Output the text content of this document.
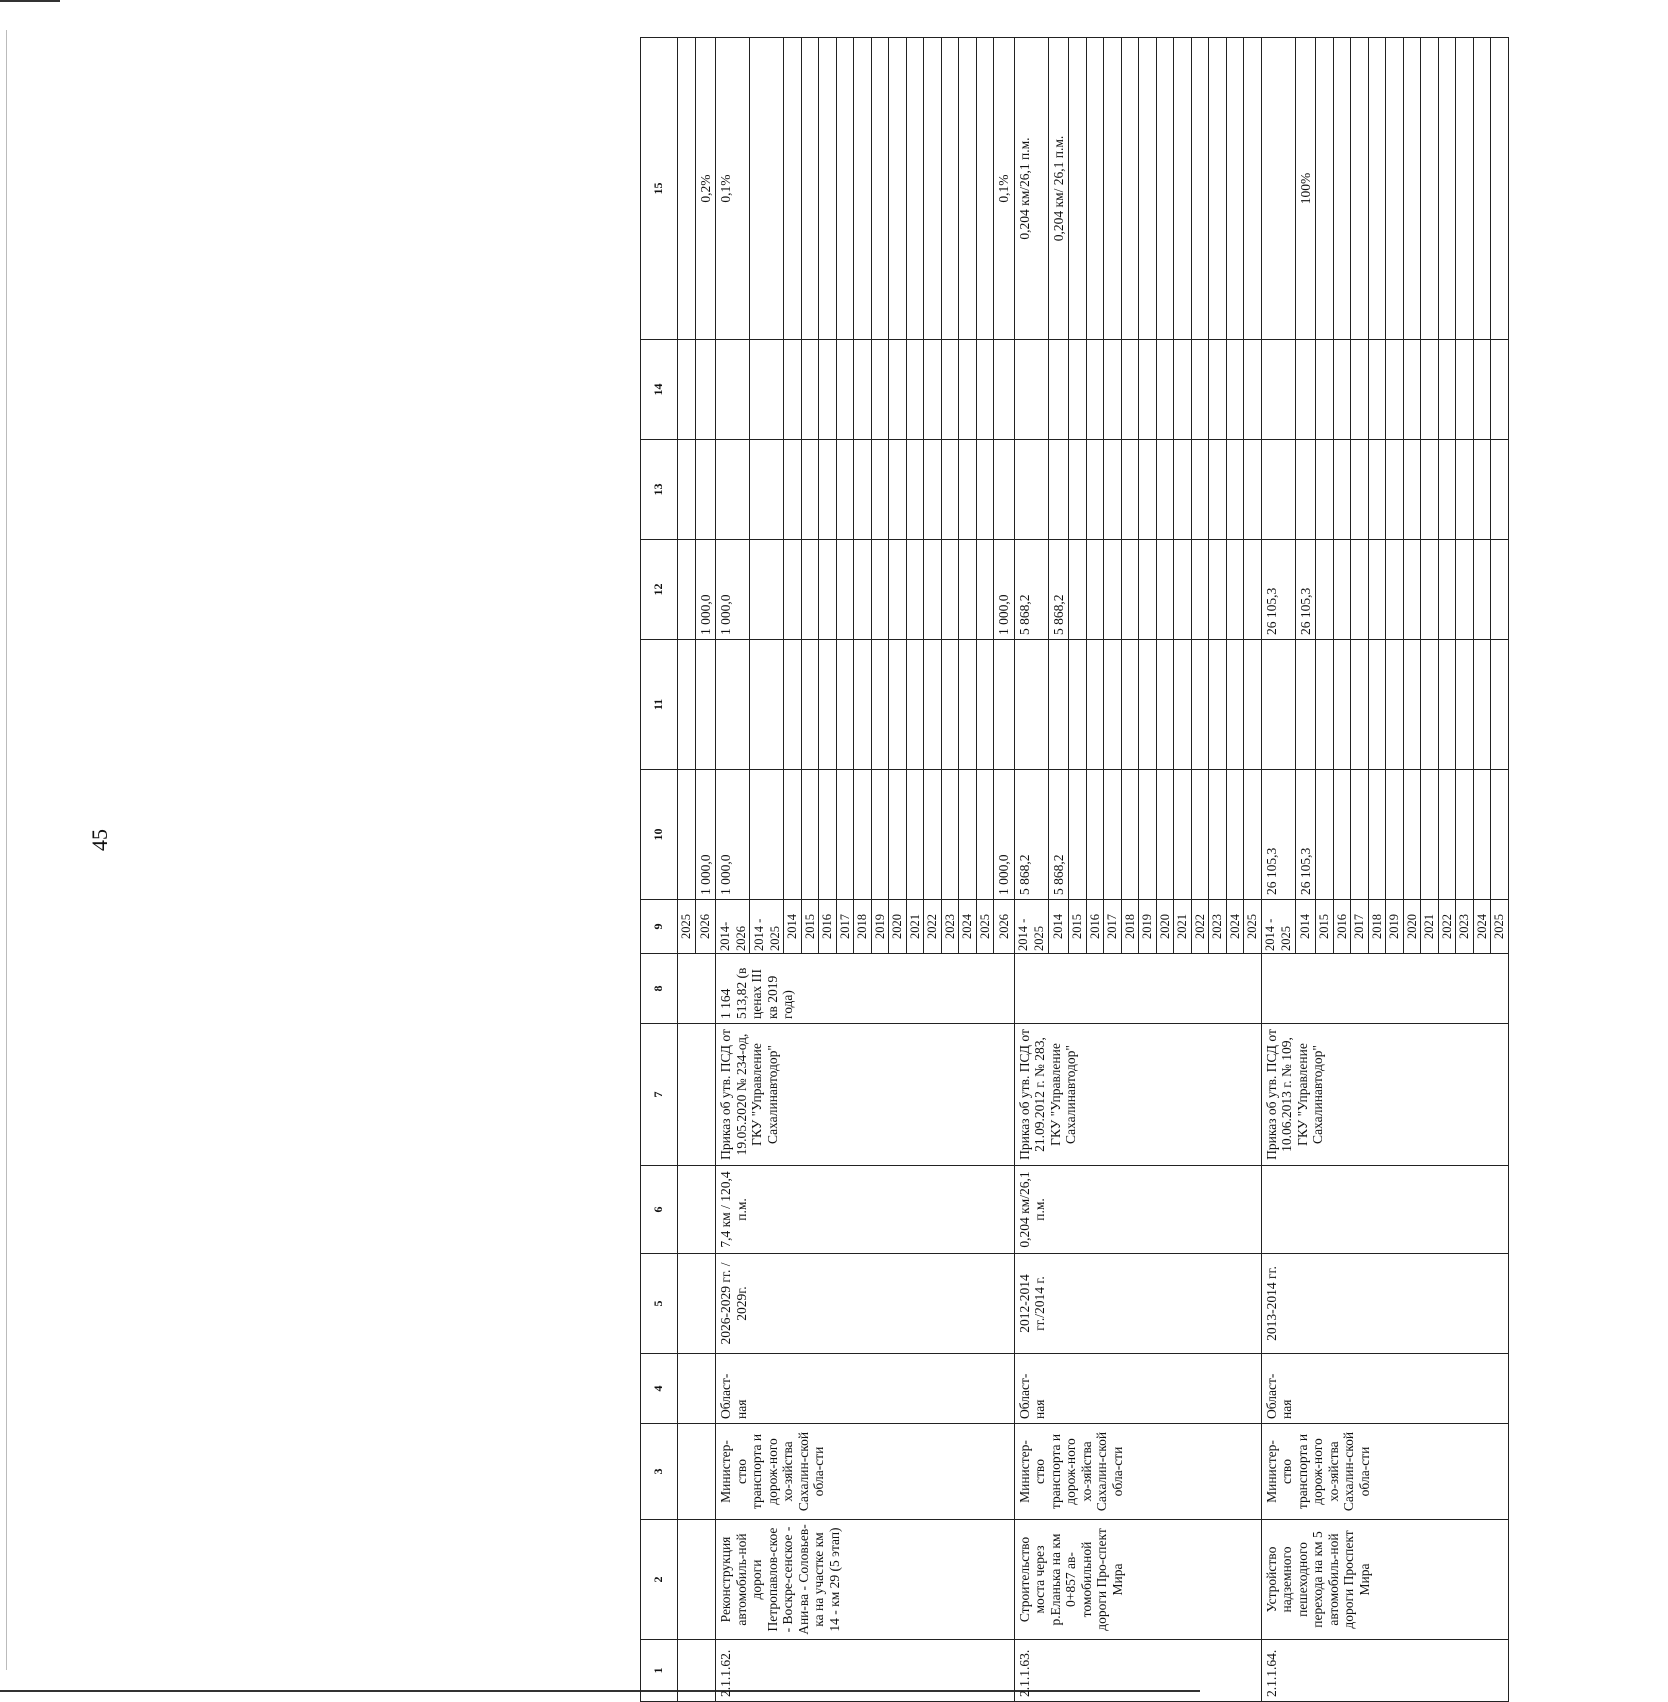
45
1	2	3	4	5	6	7	8	9	10	11	12	13	14	15
								2025						
								2026	1 000,0		1 000,0			0,2%
2.1.1.62.	Реконструкция автомобиль-ной дороги Петропавлов-ское - Воскре-сенское - Ани-ва - Соловьев-ка на участке км 14 - км 29 (5 этап)	Министер-ство транспорта и дорож-ного хо-зяйства Сахалин-ской обла-сти	Област-ная	2026-2029 гг. / 2029г.	7,4 км / 120,4 п.м.	Приказ об утв. ПСД от 19.05.2020 № 234-од, ГКУ "Управление Сахалинавтодор"	1 164 513,82 (в ценах III кв 2019 года)	2014-2026	1 000,0		1 000,0			0,1%
								2014 - 2025						
								2014						
								2015						
								2016						
								2017						
								2018						
								2019						
								2020						
								2021						
								2022						
								2023						
								2024						
								2025						
								2026	1 000,0		1 000,0			0,1%
2.1.1.63.	Строительство моста через р.Еланька на км 0+857 ав-томобильной дороги Про-спект Мира	Министер-ство транспорта и дорож-ного хо-зяйства Сахалин-ской обла-сти	Област-ная	2012-2014 гг./2014 г.	0,204 км/26,1 п.м.	Приказ об утв. ПСД от 21.09.2012 г. № 283, ГКУ "Управление Сахалинавтодор"		2014 - 2025	5 868,2		5 868,2			0,204 км/26,1 п.м.
								2014	5 868,2		5 868,2			0,204 км/ 26,1 п.м.
								2015						
								2016						
								2017						
								2018						
								2019						
								2020						
								2021						
								2022						
								2023						
								2024						
								2025						
2.1.1.64.	Устройство надземного пешеходного перехода на км 5 автомобиль-ной дороги Проспект Мира	Министер-ство транспорта и дорож-ного хо-зяйства Сахалин-ской обла-сти	Област-ная	2013-2014 гг.		Приказ об утв. ПСД от 10.06.2013 г. № 109, ГКУ "Управление Сахалинавтодор"		2014 - 2025	26 105,3		26 105,3			
								2014	26 105,3		26 105,3			100%
								2015						
								2016						
								2017						
								2018						
								2019						
								2020						
								2021						
								2022						
								2023						
								2024						
								2025						
